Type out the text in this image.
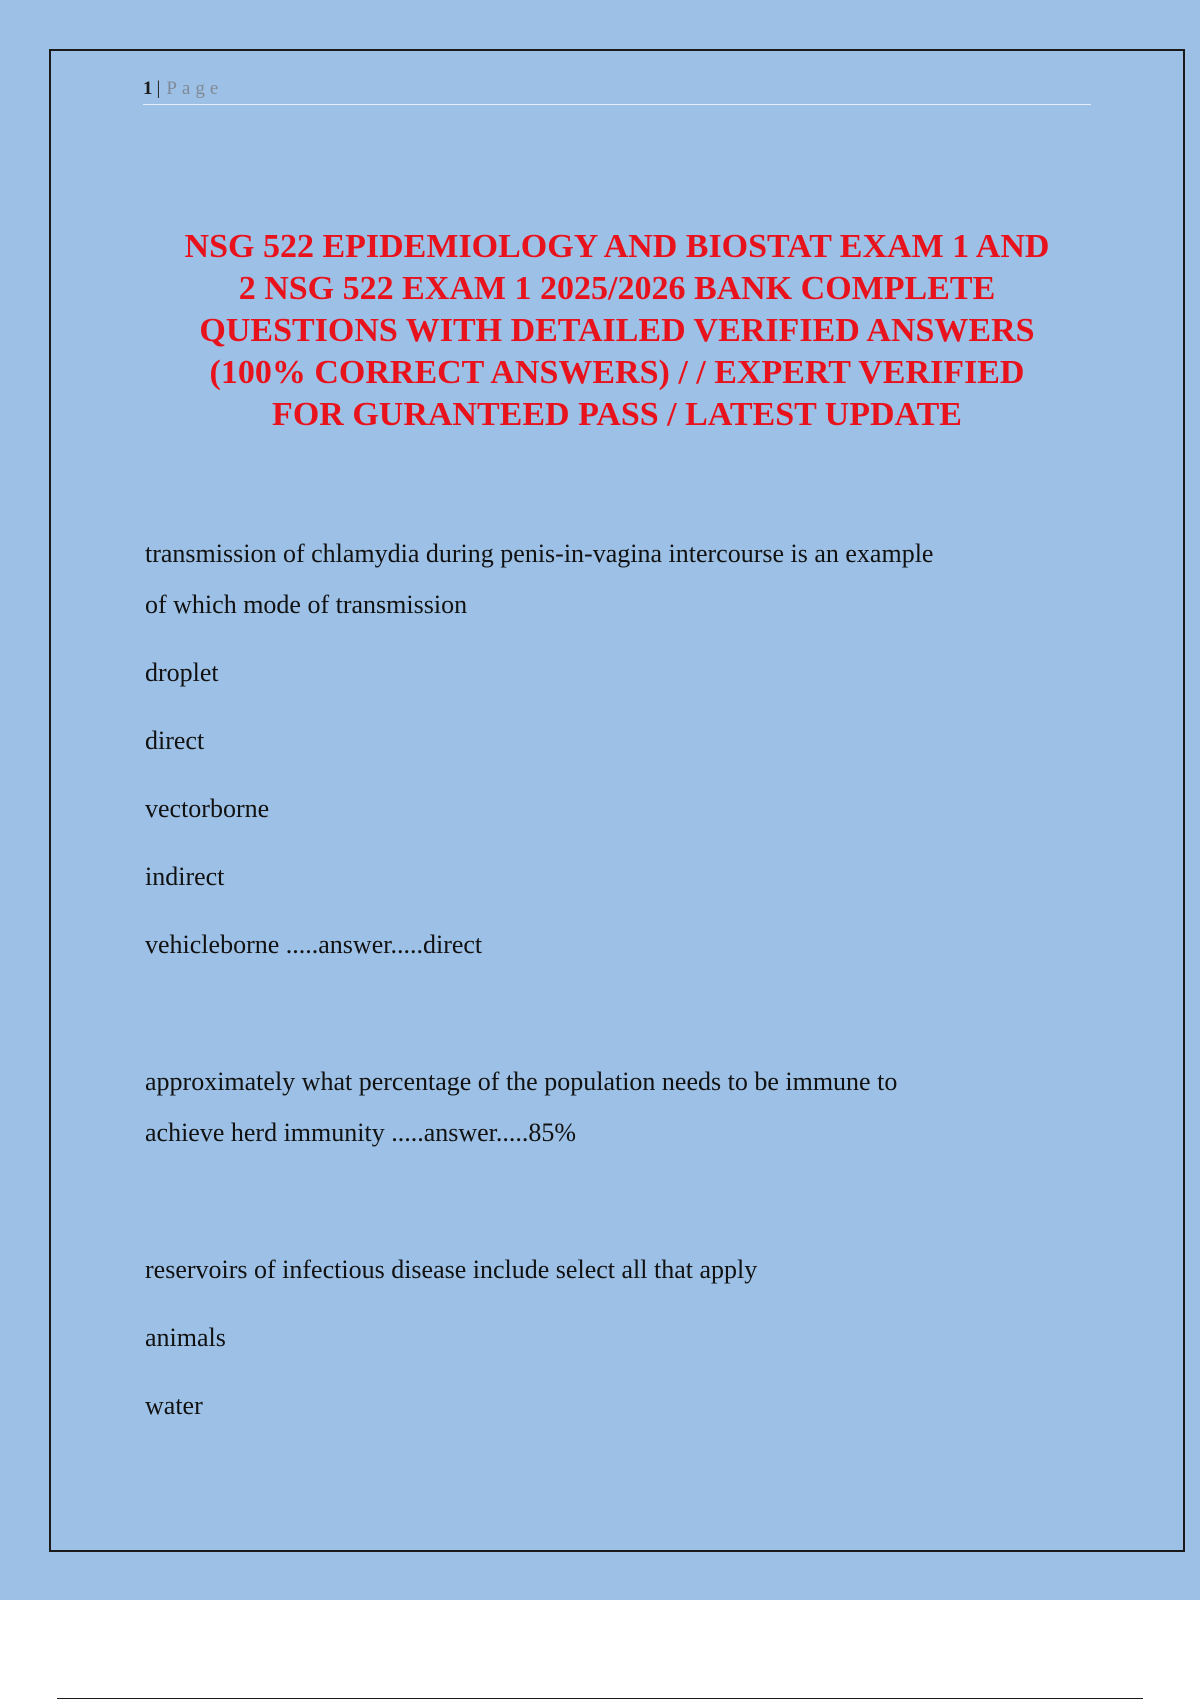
1 | Page
NSG 522 EPIDEMIOLOGY AND BIOSTAT EXAM 1 AND
2 NSG 522 EXAM 1 2025/2026 BANK COMPLETE
QUESTIONS WITH DETAILED VERIFIED ANSWERS
(100% CORRECT ANSWERS) / / EXPERT VERIFIED
FOR GURANTEED PASS / LATEST UPDATE

transmission of chlamydia during penis-in-vagina intercourse is an example
of which mode of transmission

droplet

direct

vectorborne

indirect

vehicleborne .....answer.....direct

approximately what percentage of the population needs to be immune to
achieve herd immunity .....answer.....85%

reservoirs of infectious disease include select all that apply

animals

water
